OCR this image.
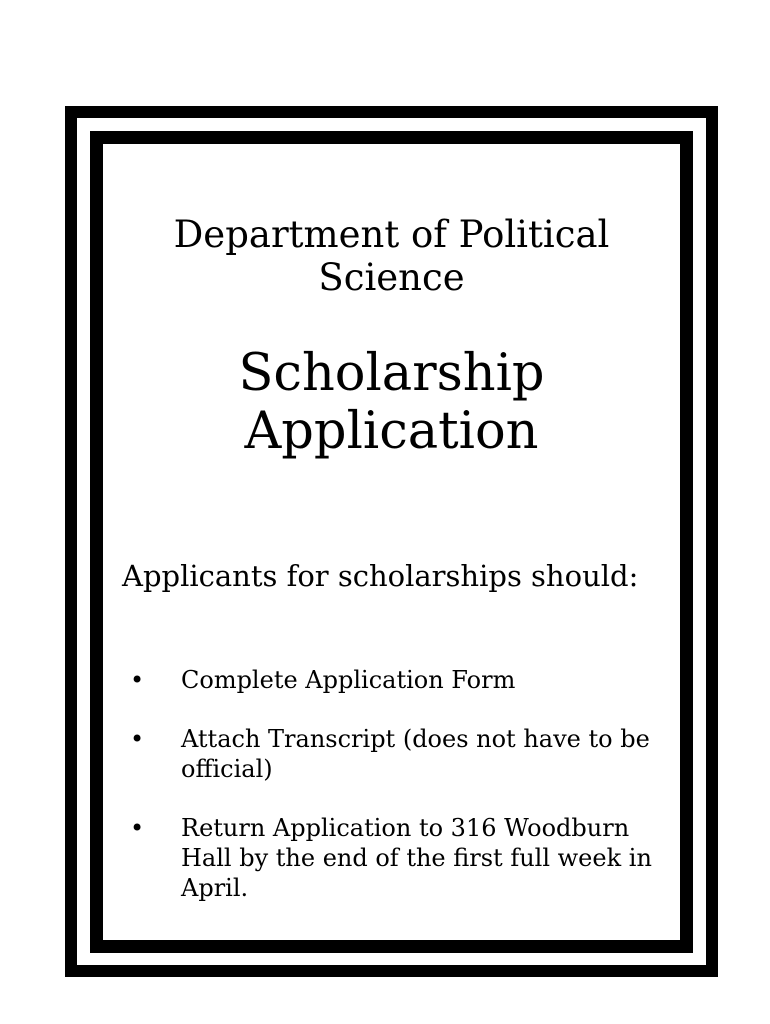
Department of Political Science
Scholarship Application

Applicants for scholarships should:

• Complete Application Form
• Attach Transcript (does not have to be official)
• Return Application to 316 Woodburn Hall by the end of the first full week in April.
